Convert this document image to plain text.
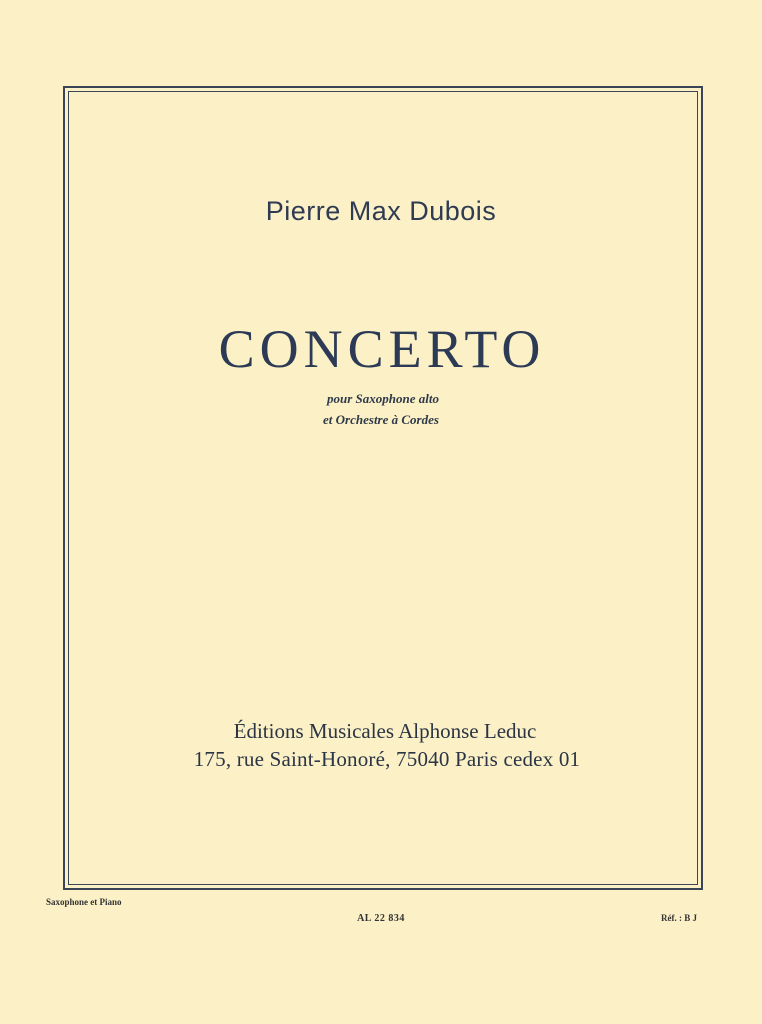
Pierre Max Dubois
CONCERTO
pour Saxophone alto
et Orchestre à Cordes
Éditions Musicales Alphonse Leduc
175, rue Saint-Honoré, 75040 Paris cedex 01
Saxophone et Piano
AL 22 834	Réf. : B J
